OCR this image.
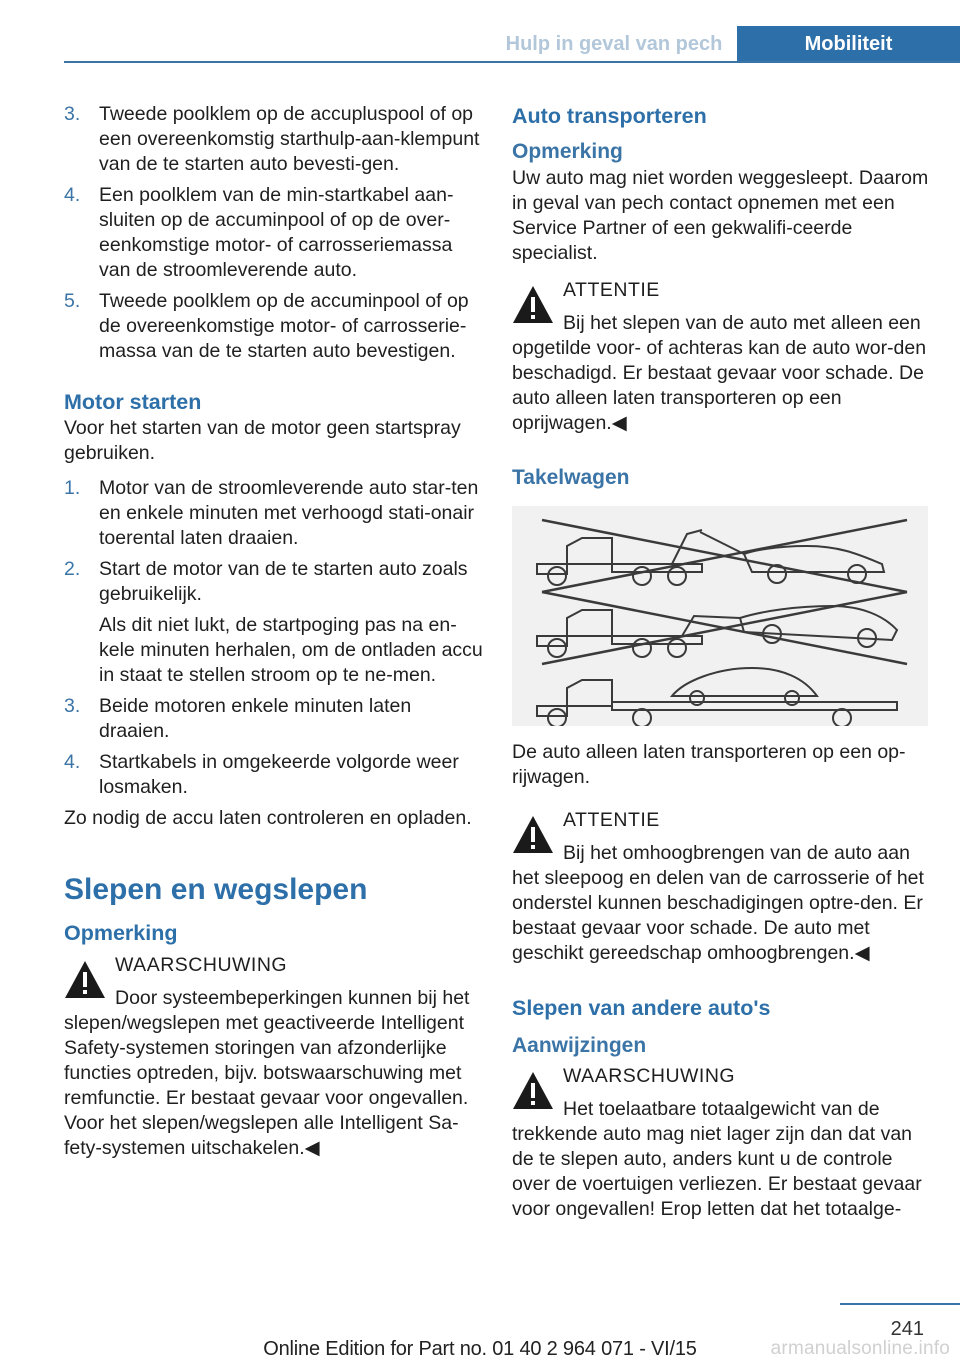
Hulp in geval van pech	Mobiliteit
3. Tweede poolklem op de accupluspool of op een overeenkomstig starthulp-aan-klempunt van de te starten auto bevesti-gen.
4. Een poolklem van de min-startkabel aan-sluiten op de accuminpool of op de over-eenkomstige motor- of carrosseriemassa van de stroomleverende auto.
5. Tweede poolklem op de accuminpool of op de overeenkomstige motor- of carrosserie-massa van de te starten auto bevestigen.
Motor starten

Voor het starten van de motor geen startspray gebruiken.

1. Motor van de stroomleverende auto star-ten en enkele minuten met verhoogd stati-onair toerental laten draaien.
2. Start de motor van de te starten auto zoals gebruikelijk.
Als dit niet lukt, de startpoging pas na en-kele minuten herhalen, om de ontladen accu in staat te stellen stroom op te ne-men.
3. Beide motoren enkele minuten laten draaien.
4. Startkabels in omgekeerde volgorde weer losmaken.

Zo nodig de accu laten controleren en opladen.

Slepen en wegslepen
Opmerking
WAARSCHUWING
Door systeembeperkingen kunnen bij het
slepen/wegslepen met geactiveerde Intelligent Safety-systemen storingen van afzonderlijke functies optreden, bijv. botswaarschuwing met remfunctie. Er bestaat gevaar voor ongevallen. Voor het slepen/wegslepen alle Intelligent Sa-fety-systemen uitschakelen.◀
Auto transporteren
Opmerking

Uw auto mag niet worden weggesleept. Daarom in geval van pech contact opnemen met een Service Partner of een gekwalifi-ceerde specialist.

ATTENTIE
Bij het slepen van de auto met alleen een
opgetilde voor- of achteras kan de auto wor-den beschadigd. Er bestaat gevaar voor schade. De auto alleen laten transporteren op een oprijwagen.◀
Takelwagen

De auto alleen laten transporteren op een op-rijwagen.

ATTENTIE
Bij het omhoogbrengen van de auto aan
het sleepoog en delen van de carrosserie of het onderstel kunnen beschadigingen optre-den. Er bestaat gevaar voor schade. De auto met geschikt gereedschap omhoogbrengen.◀
Slepen van andere auto's
Aanwijzingen
WAARSCHUWING
Het toelaatbare totaalgewicht van de
trekkende auto mag niet lager zijn dan dat van de te slepen auto, anders kunt u de controle over de voertuigen verliezen. Er bestaat gevaar voor ongevallen! Erop letten dat het totaalge-
241
Online Edition for Part no. 01 40 2 964 071 - VI/15	armanualsonline.info
